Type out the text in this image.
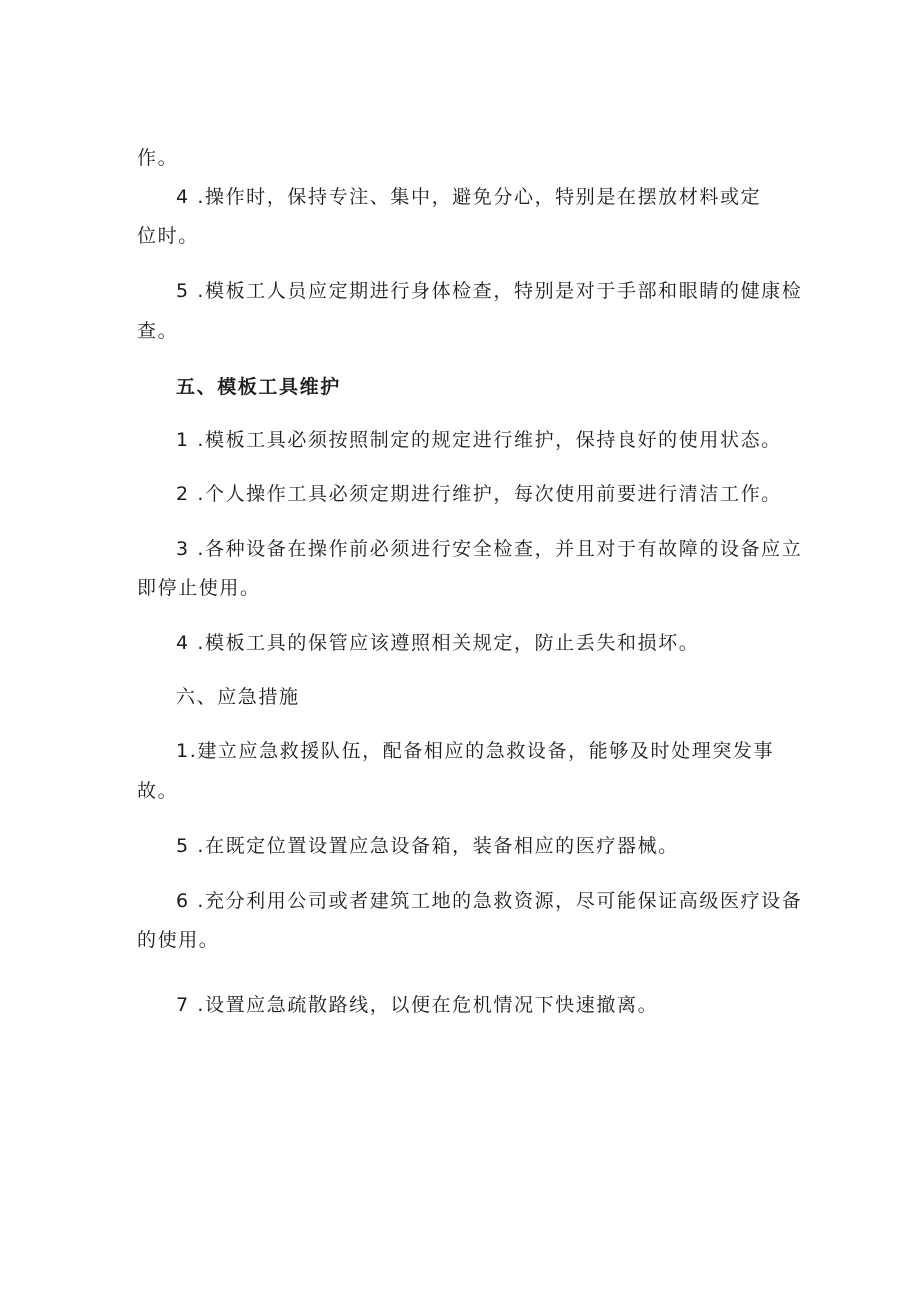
作。
4 .操作时，保持专注、集中，避免分心，特别是在摆放材料或定
位时。
5 .模板工人员应定期进行身体检查，特别是对于手部和眼睛的健康检
查。
五、模板工具维护
1 .模板工具必须按照制定的规定进行维护，保持良好的使用状态。
2 .个人操作工具必须定期进行维护，每次使用前要进行清洁工作。
3 .各种设备在操作前必须进行安全检查，并且对于有故障的设备应立
即停止使用。
4 .模板工具的保管应该遵照相关规定，防止丢失和损坏。
六、应急措施
1.建立应急救援队伍，配备相应的急救设备，能够及时处理突发事
故。
5 .在既定位置设置应急设备箱，装备相应的医疗器械。
6 .充分利用公司或者建筑工地的急救资源，尽可能保证高级医疗设备
的使用。
7 .设置应急疏散路线，以便在危机情况下快速撤离。
